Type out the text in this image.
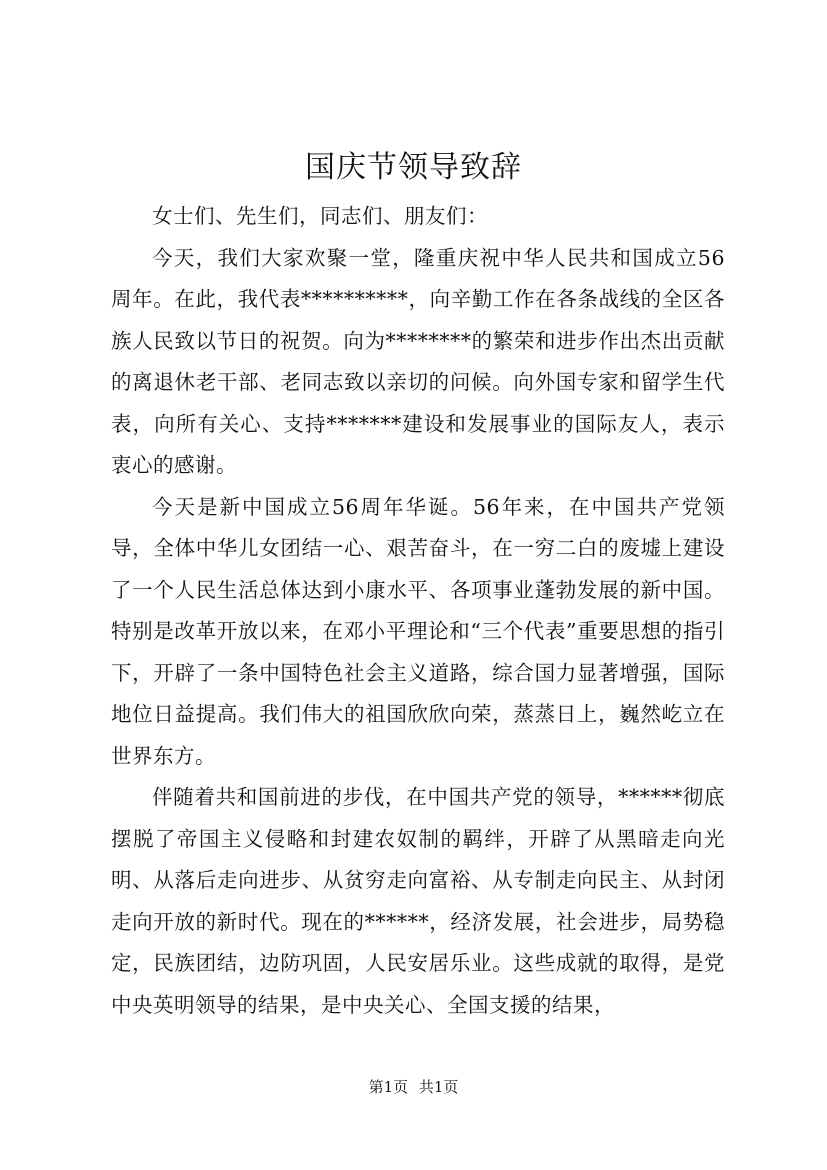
国庆节领导致辞

女士们、先生们，同志们、朋友们：

今天，我们大家欢聚一堂，隆重庆祝中华人民共和国成立56周年。在此，我代表**********，向辛勤工作在各条战线的全区各族人民致以节日的祝贺。向为********的繁荣和进步作出杰出贡献的离退休老干部、老同志致以亲切的问候。向外国专家和留学生代表，向所有关心、支持*******建设和发展事业的国际友人，表示衷心的感谢。

今天是新中国成立56周年华诞。56年来，在中国共产党领导，全体中华儿女团结一心、艰苦奋斗，在一穷二白的废墟上建设了一个人民生活总体达到小康水平、各项事业蓬勃发展的新中国。特别是改革开放以来，在邓小平理论和“三个代表”重要思想的指引下，开辟了一条中国特色社会主义道路，综合国力显著增强，国际地位日益提高。我们伟大的祖国欣欣向荣，蒸蒸日上，巍然屹立在世界东方。

伴随着共和国前进的步伐，在中国共产党的领导，******彻底摆脱了帝国主义侵略和封建农奴制的羁绊，开辟了从黑暗走向光明、从落后走向进步、从贫穷走向富裕、从专制走向民主、从封闭走向开放的新时代。现在的******，经济发展，社会进步，局势稳定，民族团结，边防巩固，人民安居乐业。这些成就的取得，是党中央英明领导的结果，是中央关心、全国支援的结果，

第1页 共1页
